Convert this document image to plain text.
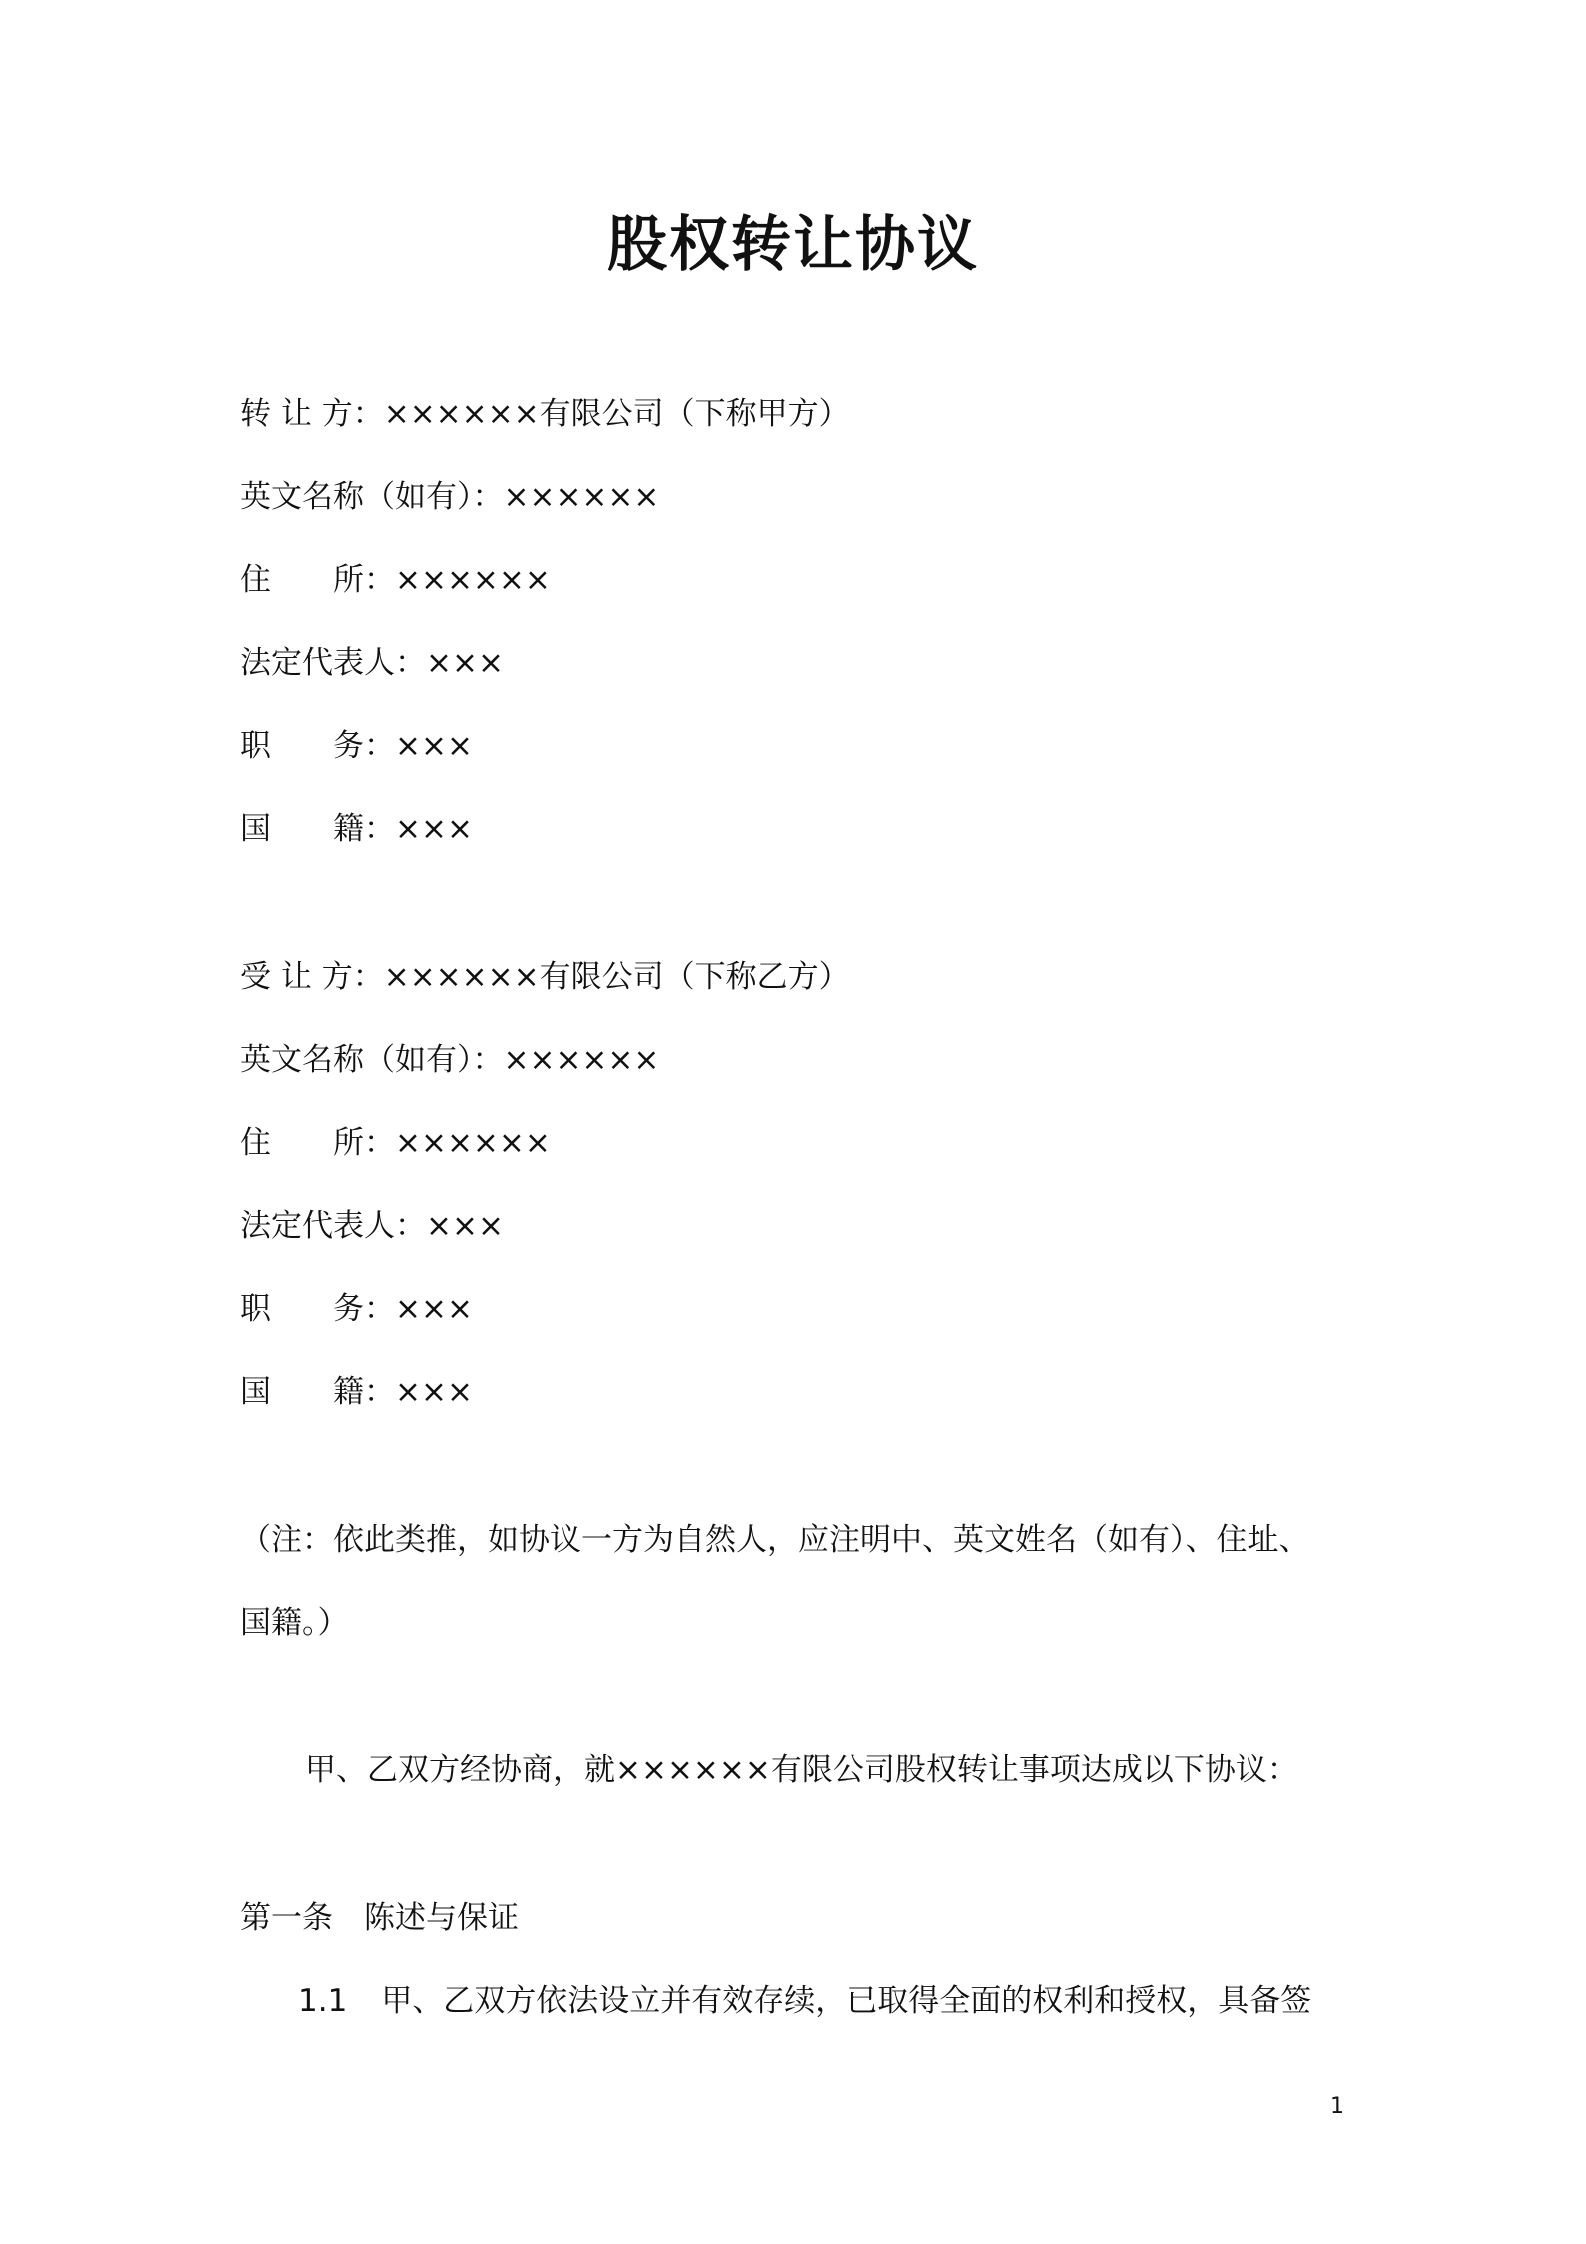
股权转让协议
转 让 方：××××××有限公司（下称甲方）
英文名称（如有）：××××××
住　　所：××××××
法定代表人：×××
职　　务：×××
国　　籍：×××
受 让 方：××××××有限公司（下称乙方）
英文名称（如有）：××××××
住　　所：××××××
法定代表人：×××
职　　务：×××
国　　籍：×××
（注：依此类推，如协议一方为自然人，应注明中、英文姓名（如有）、住址、
国籍。）
甲、乙双方经协商，就××××××有限公司股权转让事项达成以下协议：
第一条　陈述与保证
1.1 甲、乙双方依法设立并有效存续，已取得全面的权利和授权，具备签
1
